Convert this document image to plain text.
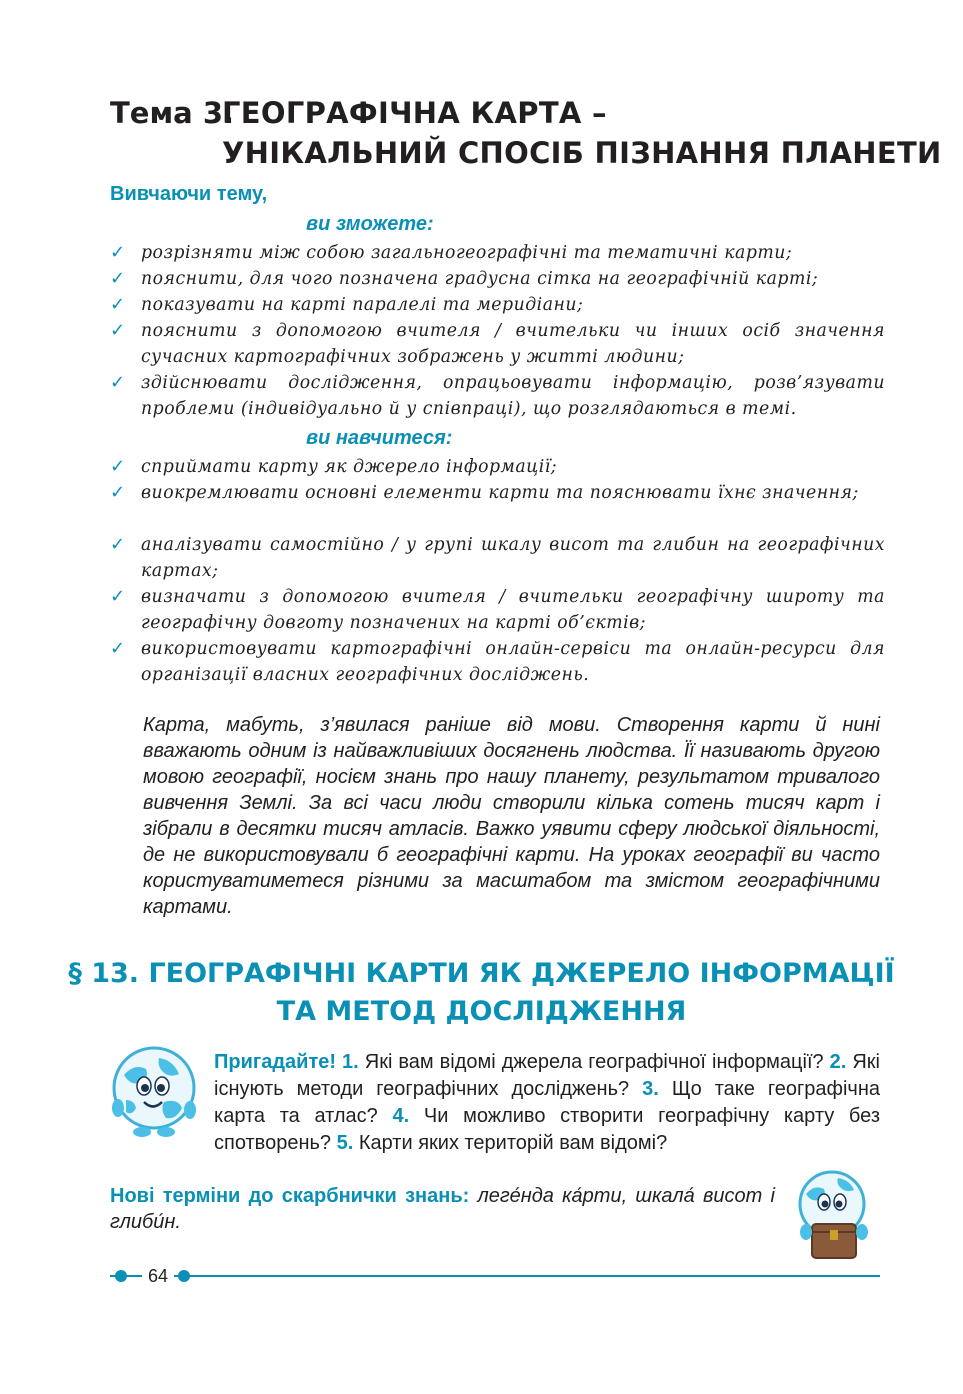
Тема 3.
ГЕОГРАФІЧНА КАРТА –
УНІКАЛЬНИЙ СПОСІБ ПІЗНАННЯ ПЛАНЕТИ
Вивчаючи тему,
ви зможете:
✓ розрізняти між собою загальногеографічні та тематичні карти;
✓ пояснити, для чого позначена градусна сітка на географічній карті;
✓ показувати на карті паралелі та меридіани;
✓ пояснити з допомогою вчителя / вчительки чи інших осіб значення сучасних картографічних зображень у житті людини;
✓ здійснювати дослідження, опрацьовувати інформацію, розв’язувати проблеми (індивідуально й у співпраці), що розглядаються в темі.
ви навчитеся:
✓ сприймати карту як джерело інформації;
✓ виокремлювати основні елементи карти та пояснювати їхнє значення;
✓ аналізувати самостійно / у групі шкалу висот та глибин на географічних картах;
✓ визначати з допомогою вчителя / вчительки географічну широту та географічну довготу позначених на карті об’єктів;
✓ використовувати картографічні онлайн-сервіси та онлайн-ресурси для організації власних географічних досліджень.
Карта, мабуть, з’явилася раніше від мови. Створення карти й нині вважають одним із найважливіших досягнень людства. Її називають другою мовою географії, носієм знань про нашу планету, результатом тривалого вивчення Землі. За всі часи люди створили кілька сотень тисяч карт і зібрали в десятки тисяч атласів. Важко уявити сферу людської діяльності, де не використовували б географічні карти. На уроках географії ви часто користуватиметеся різними за масштабом та змістом географічними картами.
§ 13. ГЕОГРАФІЧНІ КАРТИ ЯК ДЖЕРЕЛО ІНФОРМАЦІЇ
ТА МЕТОД ДОСЛІДЖЕННЯ
Пригадайте! 1. Які вам відомі джерела географічної інформації? 2. Які існують методи географічних досліджень? 3. Що таке географічна карта та атлас? 4. Чи можливо створити географічну карту без спотворень? 5. Карти яких територій вам відомі?
Нові терміни до скарбнички знань: леге́нда ка́рти, шкала́ висот і глиби́н.
64
